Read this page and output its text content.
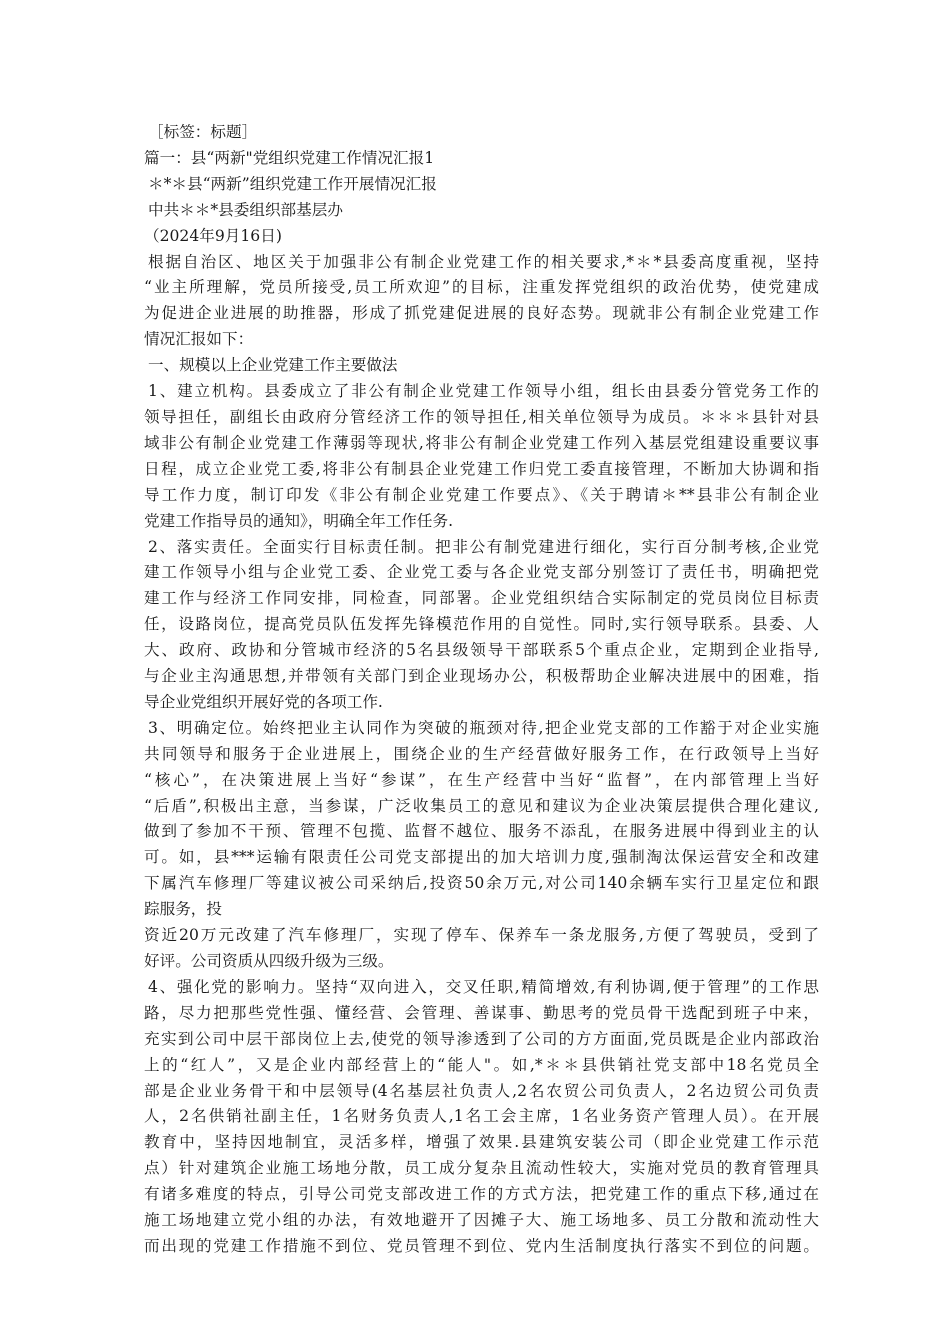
［标签：标题］
篇一：县“两新"党组织党建工作情况汇报1
＊*＊县“两新”组织党建工作开展情况汇报
中共＊＊*县委组织部基层办
（2024年9月16日)
根据自治区、地区关于加强非公有制企业党建工作的相关要求,*＊*县委高度重视，坚持
“业主所理解，党员所接受,员工所欢迎”的目标，注重发挥党组织的政治优势，使党建成
为促进企业进展的助推器，形成了抓党建促进展的良好态势。现就非公有制企业党建工作
情况汇报如下：
一、规模以上企业党建工作主要做法
1、建立机构。县委成立了非公有制企业党建工作领导小组，组长由县委分管党务工作的
领导担任，副组长由政府分管经济工作的领导担任,相关单位领导为成员。＊＊＊县针对县
域非公有制企业党建工作薄弱等现状,将非公有制企业党建工作列入基层党组建设重要议事
日程，成立企业党工委,将非公有制县企业党建工作归党工委直接管理，不断加大协调和指
导工作力度，制订印发《非公有制企业党建工作要点》、《关于聘请＊**县非公有制企业
党建工作指导员的通知》，明确全年工作任务.
2、落实责任。全面实行目标责任制。把非公有制党建进行细化，实行百分制考核,企业党
建工作领导小组与企业党工委、企业党工委与各企业党支部分别签订了责任书，明确把党
建工作与经济工作同安排，同检查，同部署。企业党组织结合实际制定的党员岗位目标责
任，设路岗位，提高党员队伍发挥先锋模范作用的自觉性。同时,实行领导联系。县委、人
大、政府、政协和分管城市经济的5名县级领导干部联系5个重点企业，定期到企业指导,
与企业主沟通思想,并带领有关部门到企业现场办公，积极帮助企业解决进展中的困难，指
导企业党组织开展好党的各项工作.
3、明确定位。始终把业主认同作为突破的瓶颈对待,把企业党支部的工作豁于对企业实施
共同领导和服务于企业进展上，围绕企业的生产经营做好服务工作，在行政领导上当好
“核心”，在决策进展上当好“参谋”，在生产经营中当好“监督”，在内部管理上当好
“后盾”,积极出主意，当参谋，广泛收集员工的意见和建议为企业决策层提供合理化建议,
做到了参加不干预、管理不包揽、监督不越位、服务不添乱，在服务进展中得到业主的认
可。如，县***运输有限责任公司党支部提出的加大培训力度,强制淘汰保运营安全和改建
下属汽车修理厂等建议被公司采纳后,投资50余万元,对公司140余辆车实行卫星定位和跟
踪服务，投
资近20万元改建了汽车修理厂，实现了停车、保养车一条龙服务,方便了驾驶员，受到了
好评。公司资质从四级升级为三级。
4、强化党的影响力。坚持“双向进入，交叉任职,精简增效,有利协调,便于管理”的工作思
路，尽力把那些党性强、懂经营、会管理、善谋事、勤思考的党员骨干选配到班子中来，
充实到公司中层干部岗位上去,使党的领导渗透到了公司的方方面面,党员既是企业内部政治
上的“红人”，又是企业内部经营上的“能人"。如,*＊＊县供销社党支部中18名党员全
部是企业业务骨干和中层领导(4名基层社负责人,2名农贸公司负责人，2名边贸公司负责
人，2名供销社副主任，1名财务负责人,1名工会主席，1名业务资产管理人员）。在开展
教育中，坚持因地制宜，灵活多样，增强了效果.县建筑安装公司（即企业党建工作示范
点）针对建筑企业施工场地分散，员工成分复杂且流动性较大，实施对党员的教育管理具
有诸多难度的特点，引导公司党支部改进工作的方式方法，把党建工作的重点下移,通过在
施工场地建立党小组的办法，有效地避开了因摊子大、施工场地多、员工分散和流动性大
而出现的党建工作措施不到位、党员管理不到位、党内生活制度执行落实不到位的问题。
